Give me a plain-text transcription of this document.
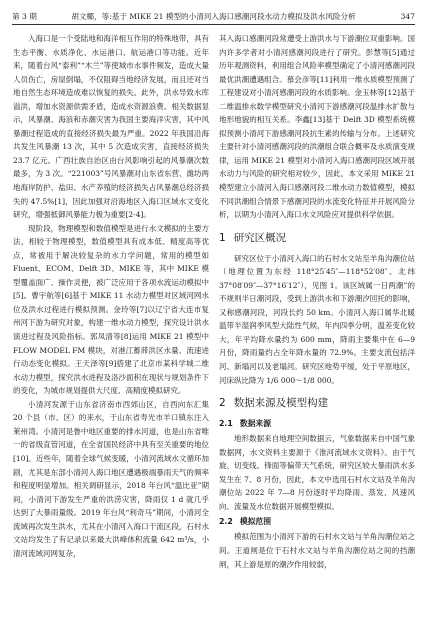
第 3 期	胡文椰，等:基于 MIKE 21 模型的小清河入海口感潮河段水动力模拟及洪水风险分析	347

入海口是一个受陆地和海洋相互作用的特殊地带，具有生态平衡、水质净化、水运港口、航运港口等功能。近年来，随着台风“泰利”“木兰”等使城市水事件频发，造成大量人员伤亡，房屋倒塌，不仅阻碍当地经济发展，而且还对当地自然生态环境造成难以恢复的损失。此外，洪水导致水库溢洪，增加水资源供需矛盾，造成水资源浪费。相关数据显示，风暴潮、海浪和赤潮灾害为我国主要海洋灾害，其中风暴潮过程造成的直接经济损失最为严重。2022 年我国沿海共发生风暴潮 13 次，其中 5 次造成灾害，直接经济损失 23.7 亿元。广西壮族自治区由台风影响引起的风暴潮次数最多，为 3 次。“221003”号风暴潮对山东省东营、潍坊两地海岸防护、盐田、水产养殖的经济损失占风暴潮总经济损失的 47.5%[1]，因此加强对沿海地区入海口区域水文变化研究，增强抵御风暴能力极为重要[2-4]。

现阶段，物理模型和数值模型是进行水文模拟的主要方法，相较于物理模型，数值模型具有成本低、精度高等优点，常被用于解决较复杂的水力学问题，常用的模型如 Fluent、ECOM、Delft 3D、MIKE 等，其中 MIKE 模型覆盖面广、操作灵便，被广泛应用于各项水流运动模拟中[5]。曹宇航等[6]基于 MIKE 11 水动力模型对区域河网水位及洪水过程进行模拟预测。金玲等[7]以辽宁省大连市复州河下游为研究对象，构建一维水动力模型，探究设计洪水演进过程及风险指标。郭凤清等[8]运用 MIKE 21 模型中 FLOW MODEL FM 模块，对港江蓄滞洪区水量、流速进行动态变化模拟。王天泽等[9]搭建了北京市某科学城二维水动力模型，探究洪水进程及洛沙面积在现状与规划条件下的变化，为城市规划提供大尺度、高精度模拟研究。

小清河发源于山东省济南市西郊山区，自西向东汇集 20 个县（市、区）的来水，于山东省寿光市羊口镇东注入莱州湾。小清河是鲁中地区重要的排水河道，也是山东省唯一的省级直管河道，在全省国民经济中具有至关重要的地位[10]。近些年，随着全球气候变暖，小清河流域水文循环加剧，尤其是东部小清河入海口地区遭遇极端暴雨天气的频率和程度明显增加。相关调研显示，2018 年台风“温比亚”期间，小清河下游发生严重的洪涝灾害，降雨仅 1 d 就几乎达到了大暴雨量级。2019 年台风“利奇马”期间，小清河全流域再次发生洪水，尤其在小清河入海口干流区段，石村水文站均发生了有记录以来最大洪峰体积流量 642 m³/s，小清河流域河网复杂，

其入海口感潮河段常遭受上游洪水与下游潮位双重影响。国内许多学者对小清河感潮河段进行了研究。彭慧等[5]通过历年观测资料，利用组合风险率模型确定了小清河感潮河段最优洪潮遭遇组合。慕会彦等[11]利用一维水质模型预测了工程建设对小清河感潮河段的水质影响。金玉林等[12]基于二维温排水数学模型研究小清河下游感潮河段温排水扩散与地形地貌的相互关系。李鑫[13]基于 Delft 3D 模型系统模拟预测小清河下游感潮河段抗生素的传输与分布。上述研究主要针对小清河感潮河段的洪潮组合联合概率及水质演变规律，运用 MIKE 21 模型对小清河入海口感潮河段区域开展水动力与风险的研究相对较少，因此，本文采用 MIKE 21 模型建立小清河入海口感潮河段二维水动力数值模型，模拟不同洪潮组合情景下感潮河段的水流变化特征并开展风险分析，以期为小清河入海口水文风险应对提供科学依据。

1 研究区概况

研究区位于小清河入海口的石村水文站至羊角沟潮位站（地理位置为东经 118°25′45″—118°52′08″、北纬 37°08′09″—37°16′12″），见图 1。该区域属一日两潮”的不规则半日潮河段，受到上游洪水和下游潮汐回托的影响，又称感潮河段，河段长约 50 km。小清河入海口属华北暖温带半湿润季风型大陆性气候，年内四季分明，温差变化较大，年平均降水量约为 600 mm，降雨主要集中在 6—9 月份，降雨量约占全年降水量的 72.9%。主要支流包括洋河、新塌河以及老塌河。研究区地势平缓，处于平原地区，河床纵比降为 1/6 000～1/8 000。

2 数据来源及模型构建
2.1 数据来源

地形数据来自地理空间数据云，气象数据来自中国气象数据网，水文资料主要源于《淮河流域水文资料》。由于气旋、切变线、锋面等偏带天气系统，研究区较大暴雨洪水多发生在 7、8 月份，因此，本文中选用石村水文站及羊角沟潮位站 2022 年 7—8 月份逐时平均降雨、蒸发、风速风向、流量及水位数据开展模型模拟。

2.2 模拟范围

模拟范围为小清河下游的石村水文站与羊角沟潮位站之间。王道闸是位于石村水文站与羊角沟潮位站之间的挡潮闸，其上游是原的潮汐作用较弱，
